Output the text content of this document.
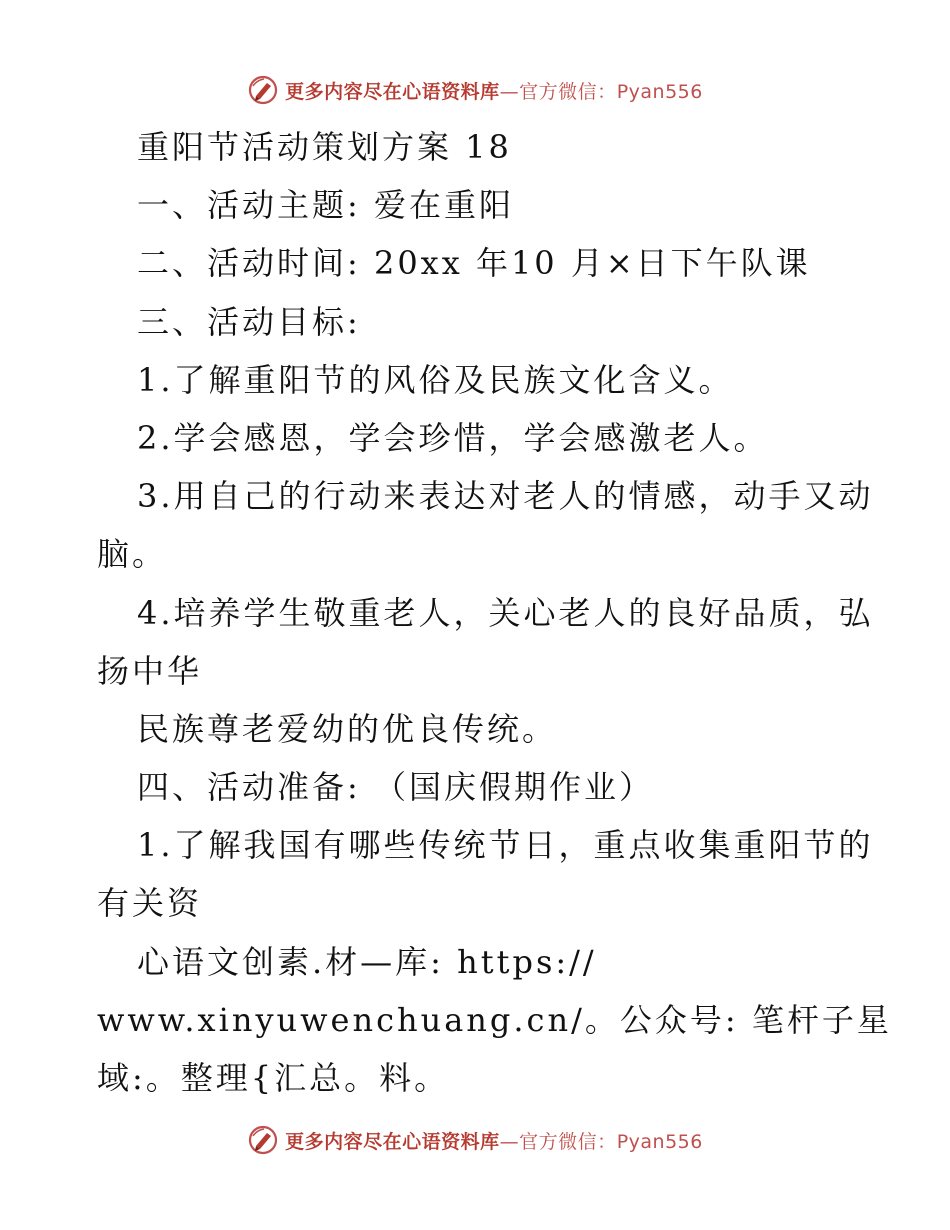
更多内容尽在心语资料库—官方微信：Pyan556
重阳节活动策划方案 18
一、活动主题: 爱在重阳
二、活动时间: 20xx 年10 月×日下午队课
三、活动目标:
1.了解重阳节的风俗及民族文化含义。
2.学会感恩，学会珍惜，学会感激老人。
3.用自己的行动来表达对老人的情感，动手又动
脑。
4.培养学生敬重老人，关心老人的良好品质，弘
扬中华
民族尊老爱幼的优良传统。
四、活动准备: （国庆假期作业）
1.了解我国有哪些传统节日，重点收集重阳节的
有关资
心语文创素.材—库: https://
www.xinyuwenchuang.cn/。公众号: 笔杆子星
域:。整理{汇总。料。
更多内容尽在心语资料库—官方微信：Pyan556
